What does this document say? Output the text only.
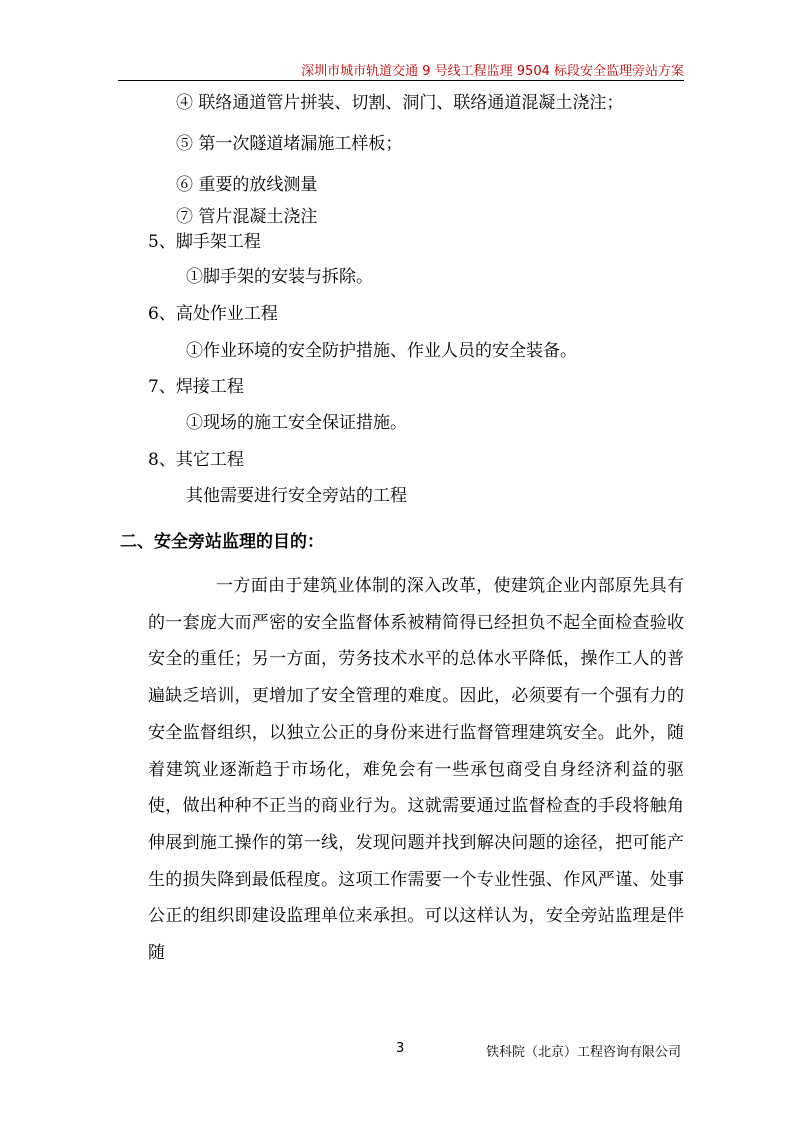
深圳市城市轨道交通 9 号线工程监理 9504 标段安全监理旁站方案
④ 联络通道管片拼装、切割、洞门、联络通道混凝土浇注；
⑤ 第一次隧道堵漏施工样板；
⑥ 重要的放线测量
⑦ 管片混凝土浇注
5、脚手架工程
①脚手架的安装与拆除。
6、高处作业工程
①作业环境的安全防护措施、作业人员的安全装备。
7、焊接工程
①现场的施工安全保证措施。
8、其它工程
其他需要进行安全旁站的工程
二、安全旁站监理的目的：

一方面由于建筑业体制的深入改革，使建筑企业内部原先具有的一套庞大而严密的安全监督体系被精简得已经担负不起全面检查验收安全的重任；另一方面，劳务技术水平的总体水平降低，操作工人的普遍缺乏培训，更增加了安全管理的难度。因此，必须要有一个强有力的安全监督组织，以独立公正的身份来进行监督管理建筑安全。此外，随着建筑业逐渐趋于市场化，难免会有一些承包商受自身经济利益的驱使，做出种种不正当的商业行为。这就需要通过监督检查的手段将触角伸展到施工操作的第一线，发现问题并找到解决问题的途径，把可能产生的损失降到最低程度。这项工作需要一个专业性强、作风严谨、处事公正的组织即建设监理单位来承担。可以这样认为，安全旁站监理是伴随

3	铁科院（北京）工程咨询有限公司
